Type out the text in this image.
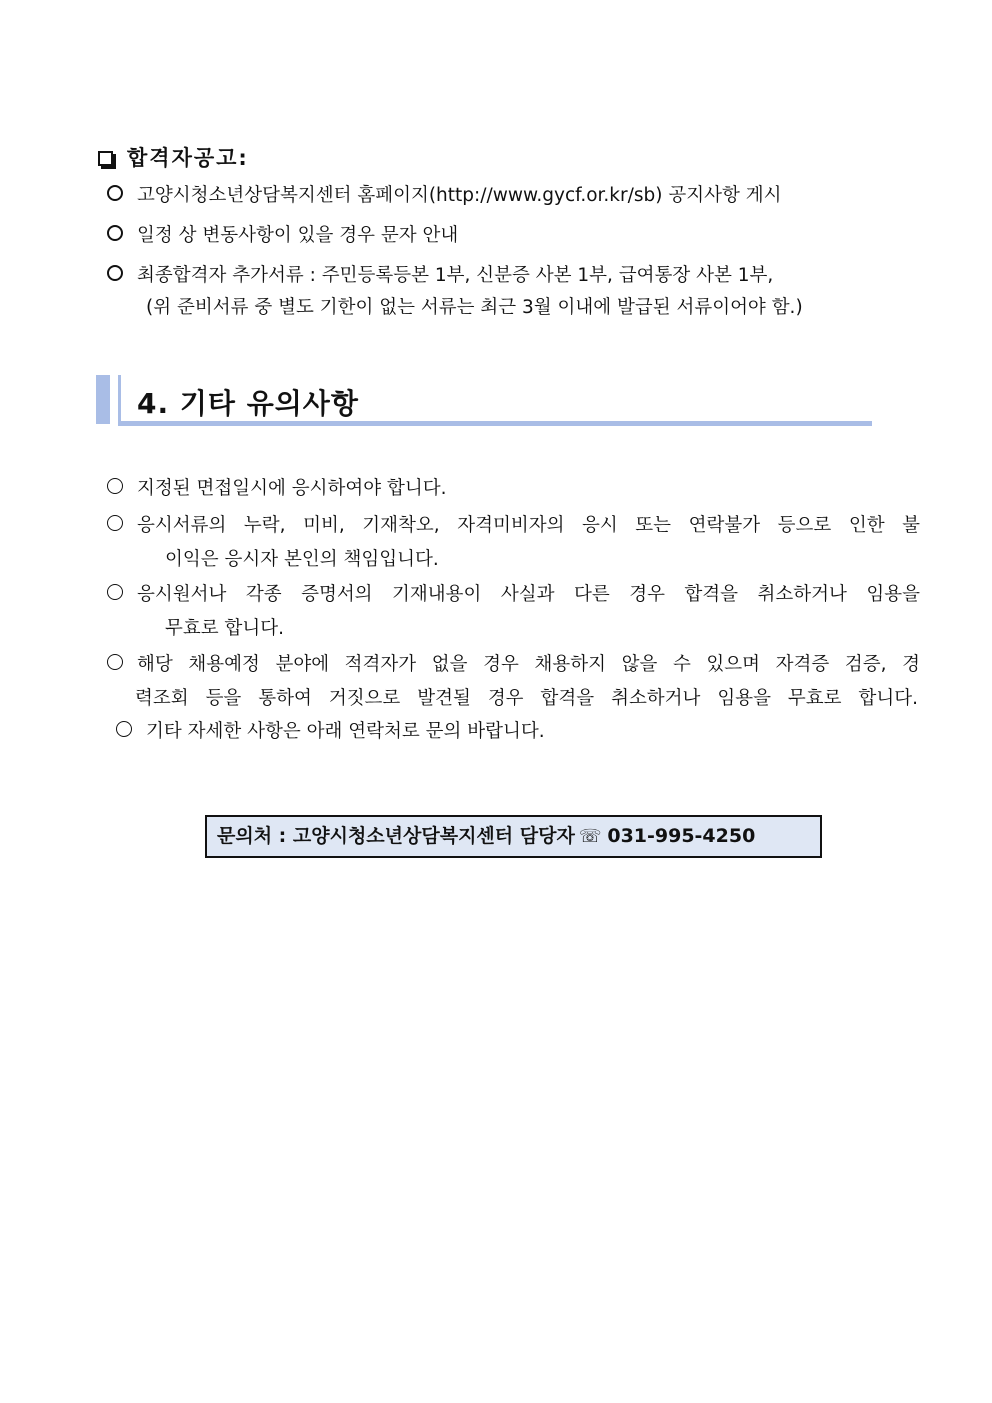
합격자공고:
고양시청소년상담복지센터 홈페이지(http://www.gycf.or.kr/sb) 공지사항 게시
일정 상 변동사항이 있을 경우 문자 안내
최종합격자 추가서류 : 주민등록등본 1부, 신분증 사본 1부, 급여통장 사본 1부,
(위 준비서류 중 별도 기한이 없는 서류는 최근 3월 이내에 발급된 서류이어야 함.)
4. 기타 유의사항
지정된 면접일시에 응시하여야 합니다.
응시서류의 누락, 미비, 기재착오, 자격미비자의 응시 또는 연락불가 등으로 인한 불
이익은 응시자 본인의 책임입니다.
응시원서나 각종 증명서의 기재내용이 사실과 다른 경우 합격을 취소하거나 임용을
무효로 합니다.
해당 채용예정 분야에 적격자가 없을 경우 채용하지 않을 수 있으며 자격증 검증, 경
력조회 등을 통하여 거짓으로 발견될 경우 합격을 취소하거나 임용을 무효로 합니다.
기타 자세한 사항은 아래 연락처로 문의 바랍니다.
문의처 : 고양시청소년상담복지센터 담당자 ☏ 031-995-4250
